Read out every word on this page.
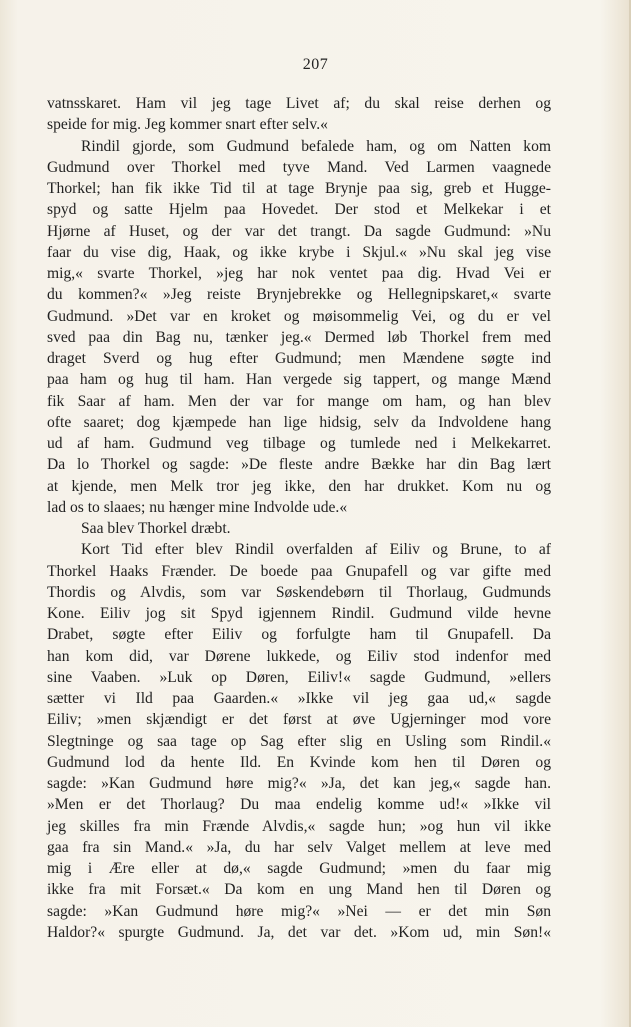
207
vatnsskaret. Ham vil jeg tage Livet af; du skal reise derhen og
speide for mig. Jeg kommer snart efter selv.«
Rindil gjorde, som Gudmund befalede ham, og om Natten kom
Gudmund over Thorkel med tyve Mand. Ved Larmen vaagnede
Thorkel; han fik ikke Tid til at tage Brynje paa sig, greb et Hugge-
spyd og satte Hjelm paa Hovedet. Der stod et Melkekar i et
Hjørne af Huset, og der var det trangt. Da sagde Gudmund: »Nu
faar du vise dig, Haak, og ikke krybe i Skjul.« »Nu skal jeg vise
mig,« svarte Thorkel, »jeg har nok ventet paa dig. Hvad Vei er
du kommen?« »Jeg reiste Brynjebrekke og Hellegnipskaret,« svarte
Gudmund. »Det var en kroket og møisommelig Vei, og du er vel
sved paa din Bag nu, tænker jeg.« Dermed løb Thorkel frem med
draget Sverd og hug efter Gudmund; men Mændene søgte ind
paa ham og hug til ham. Han vergede sig tappert, og mange Mænd
fik Saar af ham. Men der var for mange om ham, og han blev
ofte saaret; dog kjæmpede han lige hidsig, selv da Indvoldene hang
ud af ham. Gudmund veg tilbage og tumlede ned i Melkekarret.
Da lo Thorkel og sagde: »De fleste andre Bække har din Bag lært
at kjende, men Melk tror jeg ikke, den har drukket. Kom nu og
lad os to slaaes; nu hænger mine Indvolde ude.«
Saa blev Thorkel dræbt.
Kort Tid efter blev Rindil overfalden af Eiliv og Brune, to af
Thorkel Haaks Frænder. De boede paa Gnupafell og var gifte med
Thordis og Alvdis, som var Søskendebørn til Thorlaug, Gudmunds
Kone. Eiliv jog sit Spyd igjennem Rindil. Gudmund vilde hevne
Drabet, søgte efter Eiliv og forfulgte ham til Gnupafell. Da
han kom did, var Dørene lukkede, og Eiliv stod indenfor med
sine Vaaben. »Luk op Døren, Eiliv!« sagde Gudmund, »ellers
sætter vi Ild paa Gaarden.« »Ikke vil jeg gaa ud,« sagde
Eiliv; »men skjændigt er det først at øve Ugjerninger mod vore
Slegtninge og saa tage op Sag efter slig en Usling som Rindil.«
Gudmund lod da hente Ild. En Kvinde kom hen til Døren og
sagde: »Kan Gudmund høre mig?« »Ja, det kan jeg,« sagde han.
»Men er det Thorlaug? Du maa endelig komme ud!« »Ikke vil
jeg skilles fra min Frænde Alvdis,« sagde hun; »og hun vil ikke
gaa fra sin Mand.« »Ja, du har selv Valget mellem at leve med
mig i Ære eller at dø,« sagde Gudmund; »men du faar mig
ikke fra mit Forsæt.« Da kom en ung Mand hen til Døren og
sagde: »Kan Gudmund høre mig?« »Nei — er det min Søn
Haldor?« spurgte Gudmund. Ja, det var det. »Kom ud, min Søn!«
